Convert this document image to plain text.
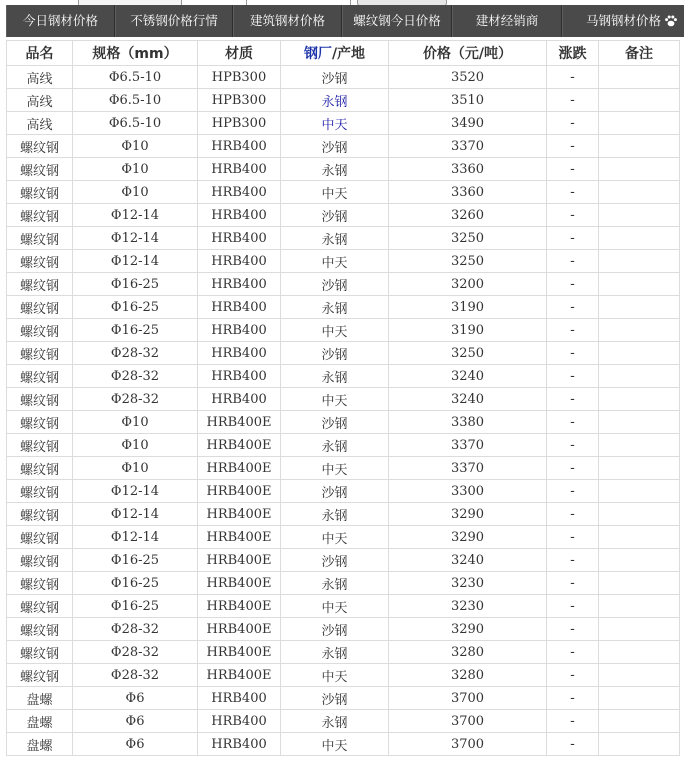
今日钢材价格	不锈钢价格行情	建筑钢材价格	螺纹钢今日价格	建材经销商	马钢钢材价格
品名	规格（mm）	材质	钢厂/产地	价格（元/吨）	涨跌	备注
高线	Φ6.5-10	HPB300	沙钢	3520	-	
高线	Φ6.5-10	HPB300	永钢	3510	-	
高线	Φ6.5-10	HPB300	中天	3490	-	
螺纹钢	Φ10	HRB400	沙钢	3370	-	
螺纹钢	Φ10	HRB400	永钢	3360	-	
螺纹钢	Φ10	HRB400	中天	3360	-	
螺纹钢	Φ12-14	HRB400	沙钢	3260	-	
螺纹钢	Φ12-14	HRB400	永钢	3250	-	
螺纹钢	Φ12-14	HRB400	中天	3250	-	
螺纹钢	Φ16-25	HRB400	沙钢	3200	-	
螺纹钢	Φ16-25	HRB400	永钢	3190	-	
螺纹钢	Φ16-25	HRB400	中天	3190	-	
螺纹钢	Φ28-32	HRB400	沙钢	3250	-	
螺纹钢	Φ28-32	HRB400	永钢	3240	-	
螺纹钢	Φ28-32	HRB400	中天	3240	-	
螺纹钢	Φ10	HRB400E	沙钢	3380	-	
螺纹钢	Φ10	HRB400E	永钢	3370	-	
螺纹钢	Φ10	HRB400E	中天	3370	-	
螺纹钢	Φ12-14	HRB400E	沙钢	3300	-	
螺纹钢	Φ12-14	HRB400E	永钢	3290	-	
螺纹钢	Φ12-14	HRB400E	中天	3290	-	
螺纹钢	Φ16-25	HRB400E	沙钢	3240	-	
螺纹钢	Φ16-25	HRB400E	永钢	3230	-	
螺纹钢	Φ16-25	HRB400E	中天	3230	-	
螺纹钢	Φ28-32	HRB400E	沙钢	3290	-	
螺纹钢	Φ28-32	HRB400E	永钢	3280	-	
螺纹钢	Φ28-32	HRB400E	中天	3280	-	
盘螺	Φ6	HRB400	沙钢	3700	-	
盘螺	Φ6	HRB400	永钢	3700	-	
盘螺	Φ6	HRB400	中天	3700	-	
